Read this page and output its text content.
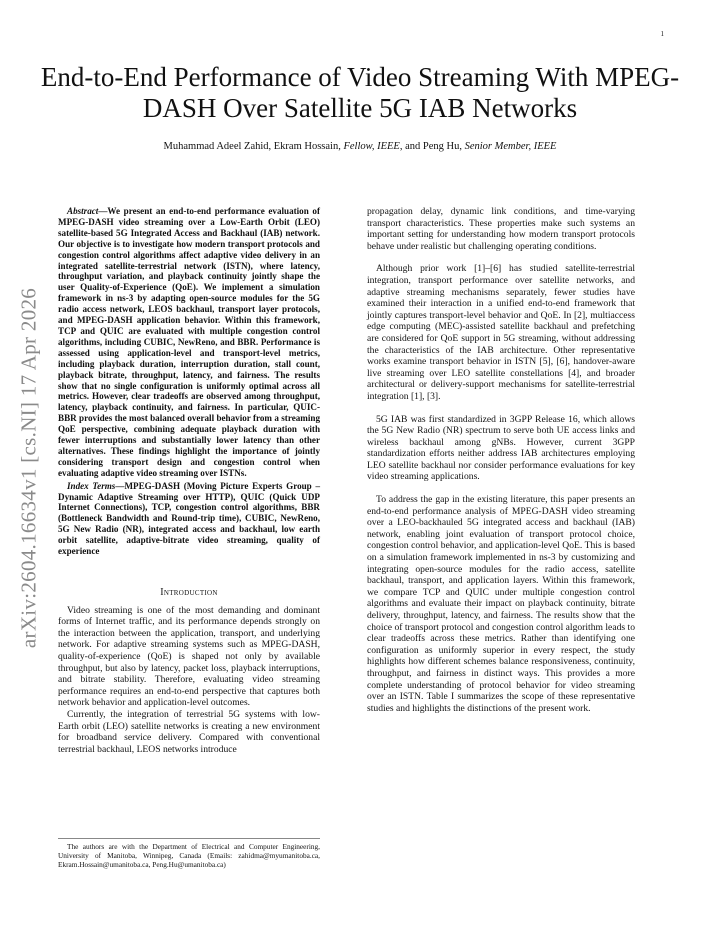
1
arXiv:2604.16634v1 [cs.NI] 17 Apr 2026
End-to-End Performance of Video Streaming With MPEG-DASH Over Satellite 5G IAB Networks
Muhammad Adeel Zahid, Ekram Hossain, Fellow, IEEE, and Peng Hu, Senior Member, IEEE

Abstract—We present an end-to-end performance evaluation of MPEG-DASH video streaming over a Low-Earth Orbit (LEO) satellite-based 5G Integrated Access and Backhaul (IAB) network. Our objective is to investigate how modern transport protocols and congestion control algorithms affect adaptive video delivery in an integrated satellite-terrestrial network (ISTN), where latency, throughput variation, and playback continuity jointly shape the user Quality-of-Experience (QoE). We implement a simulation framework in ns-3 by adapting open-source modules for the 5G radio access network, LEOS backhaul, transport layer protocols, and MPEG-DASH application behavior. Within this framework, TCP and QUIC are evaluated with multiple congestion control algorithms, including CUBIC, NewReno, and BBR. Performance is assessed using application-level and transport-level metrics, including playback duration, interruption duration, stall count, playback bitrate, throughput, latency, and fairness. The results show that no single configuration is uniformly optimal across all metrics. However, clear tradeoffs are observed among throughput, latency, playback continuity, and fairness. In particular, QUIC-BBR provides the most balanced overall behavior from a streaming QoE perspective, combining adequate playback duration with fewer interruptions and substantially lower latency than other alternatives. These findings highlight the importance of jointly considering transport design and congestion control when evaluating adaptive video streaming over ISTNs.

Index Terms—MPEG-DASH (Moving Picture Experts Group – Dynamic Adaptive Streaming over HTTP), QUIC (Quick UDP Internet Connections), TCP, congestion control algorithms, BBR (Bottleneck Bandwidth and Round-trip time), CUBIC, NewReno, 5G New Radio (NR), integrated access and backhaul, low earth orbit satellite, adaptive-bitrate video streaming, quality of experience

Introduction

Video streaming is one of the most demanding and dominant forms of Internet traffic, and its performance depends strongly on the interaction between the application, transport, and underlying network. For adaptive streaming systems such as MPEG-DASH, quality-of-experience (QoE) is shaped not only by available throughput, but also by latency, packet loss, playback interruptions, and bitrate stability. Therefore, evaluating video streaming performance requires an end-to-end perspective that captures both network behavior and application-level outcomes.

Currently, the integration of terrestrial 5G systems with low-Earth orbit (LEO) satellite networks is creating a new environment for broadband service delivery. Compared with conventional terrestrial backhaul, LEOS networks introduce

The authors are with the Department of Electrical and Computer Engineering, University of Manitoba, Winnipeg, Canada (Emails: zahidma@myumanitoba.ca, Ekram.Hossain@umanitoba.ca, Peng.Hu@umanitoba.ca)

propagation delay, dynamic link conditions, and time-varying transport characteristics. These properties make such systems an important setting for understanding how modern transport protocols behave under realistic but challenging operating conditions.

Although prior work [1]–[6] has studied satellite-terrestrial integration, transport performance over satellite networks, and adaptive streaming mechanisms separately, fewer studies have examined their interaction in a unified end-to-end framework that jointly captures transport-level behavior and QoE. In [2], multiaccess edge computing (MEC)-assisted satellite backhaul and prefetching are considered for QoE support in 5G streaming, without addressing the characteristics of the IAB architecture. Other representative works examine transport behavior in ISTN [5], [6], handover-aware live streaming over LEO satellite constellations [4], and broader architectural or delivery-support mechanisms for satellite-terrestrial integration [1], [3].

5G IAB was first standardized in 3GPP Release 16, which allows the 5G New Radio (NR) spectrum to serve both UE access links and wireless backhaul among gNBs. However, current 3GPP standardization efforts neither address IAB architectures employing LEO satellite backhaul nor consider performance evaluations for key video streaming applications.

To address the gap in the existing literature, this paper presents an end-to-end performance analysis of MPEG-DASH video streaming over a LEO-backhauled 5G integrated access and backhaul (IAB) network, enabling joint evaluation of transport protocol choice, congestion control behavior, and application-level QoE. This is based on a simulation framework implemented in ns-3 by customizing and integrating open-source modules for the radio access, satellite backhaul, transport, and application layers. Within this framework, we compare TCP and QUIC under multiple congestion control algorithms and evaluate their impact on playback continuity, bitrate delivery, throughput, latency, and fairness. The results show that the choice of transport protocol and congestion control algorithm leads to clear tradeoffs across these metrics. Rather than identifying one configuration as uniformly superior in every respect, the study highlights how different schemes balance responsiveness, continuity, throughput, and fairness in distinct ways. This provides a more complete understanding of protocol behavior for video streaming over an ISTN. Table I summarizes the scope of these representative studies and highlights the distinctions of the present work.
